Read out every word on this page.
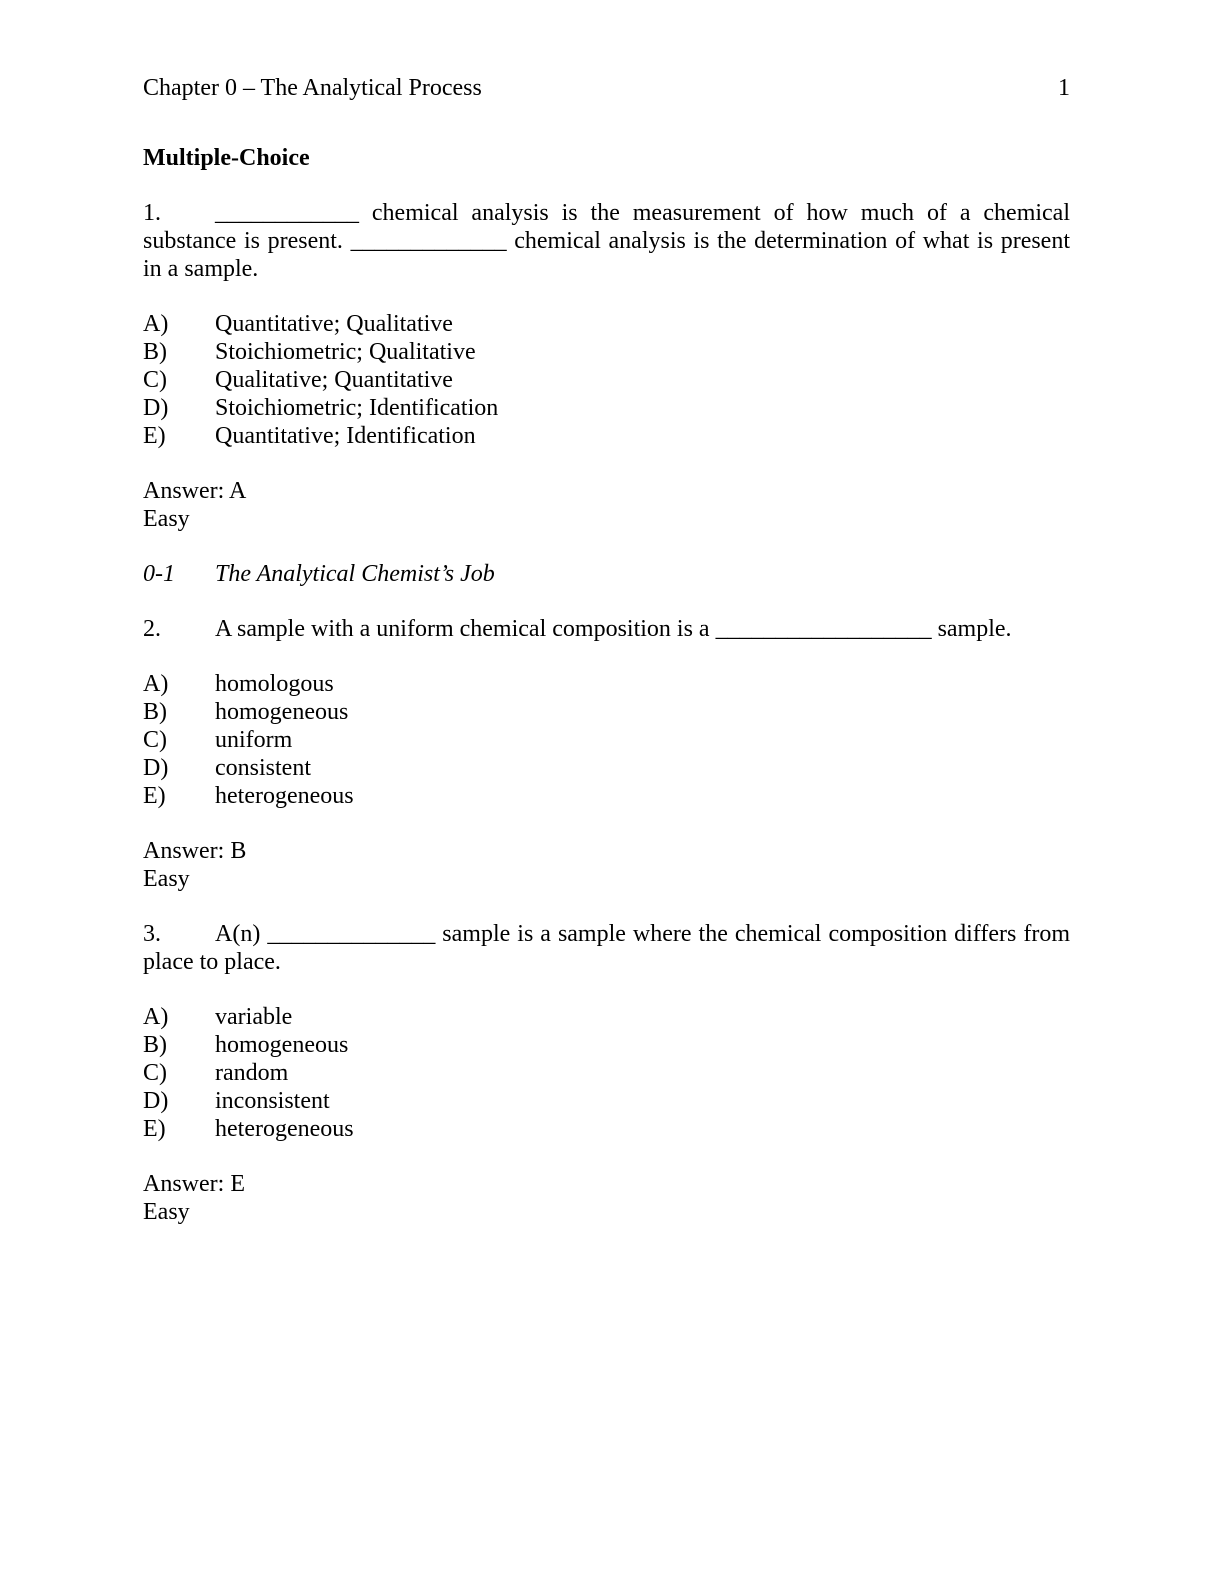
Chapter 0 – The Analytical Process	1
Multiple-Choice
1. ____________ chemical analysis is the measurement of how much of a chemical substance is present. _____________ chemical analysis is the determination of what is present in a sample.
A)	Quantitative; Qualitative
B)	Stoichiometric; Qualitative
C)	Qualitative; Quantitative
D)	Stoichiometric; Identification
E)	Quantitative; Identification
Answer: A
Easy
0-1 The Analytical Chemist’s Job
2. A sample with a uniform chemical composition is a __________________ sample.
A)	homologous
B)	homogeneous
C)	uniform
D)	consistent
E)	heterogeneous
Answer: B
Easy
3. A(n) ______________ sample is a sample where the chemical composition differs from place to place.
A)	variable
B)	homogeneous
C)	random
D)	inconsistent
E)	heterogeneous
Answer: E
Easy
